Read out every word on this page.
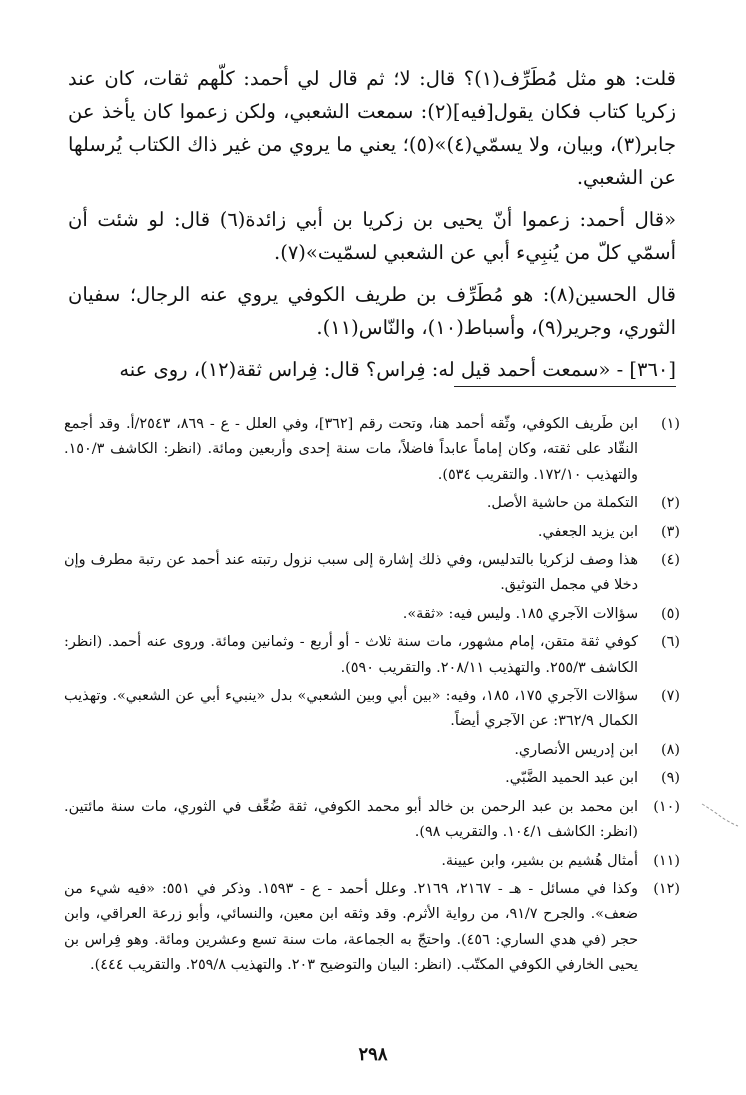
قلت: هو مثل مُطَرِّف(١)؟ قال: لا؛ ثم قال لي أحمد: كلّهم ثقات، كان عند زكريا كتاب فكان يقول[فيه](٢): سمعت الشعبي، ولكن زعموا كان يأخذ عن جابر(٣)، وبيان، ولا يسمّي(٤)»(٥)؛ يعني ما يروي من غير ذاك الكتاب يُرسلها عن الشعبي.

«قال أحمد: زعموا أنّ يحيى بن زكريا بن أبي زائدة(٦) قال: لو شئت أن أسمّي كلّ من يُنبِيء أبي عن الشعبي لسمّيت»(٧).

قال الحسين(٨): هو مُطَرِّف بن طريف الكوفي يروي عنه الرجال؛ سفيان الثوري، وجرير(٩)، وأسباط(١٠)، والنّاس(١١).

[٣٦٠] - «سمعت أحمد قيل له: فِراس؟ قال: فِراس ثقة(١٢)، روى عنه

(١)
ابن طَريف الكوفي، وثّقه أحمد هنا، وتحت رقم [٣٦٢]، وفي العلل - ع - ٨٦٩، ٢٥٤٣/أ. وقد أجمع النقّاد على ثقته، وكان إماماً عابداً فاضلاً، مات سنة إحدى وأربعين ومائة. (انظر: الكاشف ١٥٠/٣. والتهذيب ١٧٢/١٠. والتقريب ٥٣٤).
(٢)
التكملة من حاشية الأصل.
(٣)
ابن يزيد الجعفي.
(٤)
هذا وصف لزكريا بالتدليس، وفي ذلك إشارة إلى سبب نزول رتبته عند أحمد عن رتبة مطرف وإن دخلا في مجمل التوثيق.
(٥)
سؤالات الآجري ١٨٥. وليس فيه: «ثقة».
(٦)
كوفي ثقة متقن، إمام مشهور، مات سنة ثلاث - أو أربع - وثمانين ومائة. وروى عنه أحمد. (انظر: الكاشف ٢٥٥/٣. والتهذيب ٢٠٨/١١. والتقريب ٥٩٠).
(٧)
سؤالات الآجري ١٧٥، ١٨٥، وفيه: «بين أبي وبين الشعبي» بدل «ينبيء أبي عن الشعبي». وتهذيب الكمال ٣٦٢/٩: عن الآجري أيضاً.
(٨)
ابن إدريس الأنصاري.
(٩)
ابن عبد الحميد الضَّبّي.
(١٠)
ابن محمد بن عبد الرحمن بن خالد أبو محمد الكوفي، ثقة ضُعِّف في الثوري، مات سنة مائتين. (انظر: الكاشف ١٠٤/١. والتقريب ٩٨).
(١١)
أمثال هُشيم بن بشير، وابن عيينة.
(١٢)
وكذا في مسائل - هـ - ٢١٦٧، ٢١٦٩. وعلل أحمد - ع - ١٥٩٣. وذكر في ٥٥١: «فيه شيء من ضعف». والجرح ٩١/٧، من رواية الأثرم. وقد وثقه ابن معين، والنسائي، وأبو زرعة العراقي، وابن حجر (في هدي الساري: ٤٥٦). واحتجّ به الجماعة، مات سنة تسع وعشرين ومائة. وهو فِراس بن يحيى الخارفي الكوفي المكتّب. (انظر: البيان والتوضيح ٢٠٣. والتهذيب ٢٥٩/٨. والتقريب ٤٤٤).
٢٩٨
